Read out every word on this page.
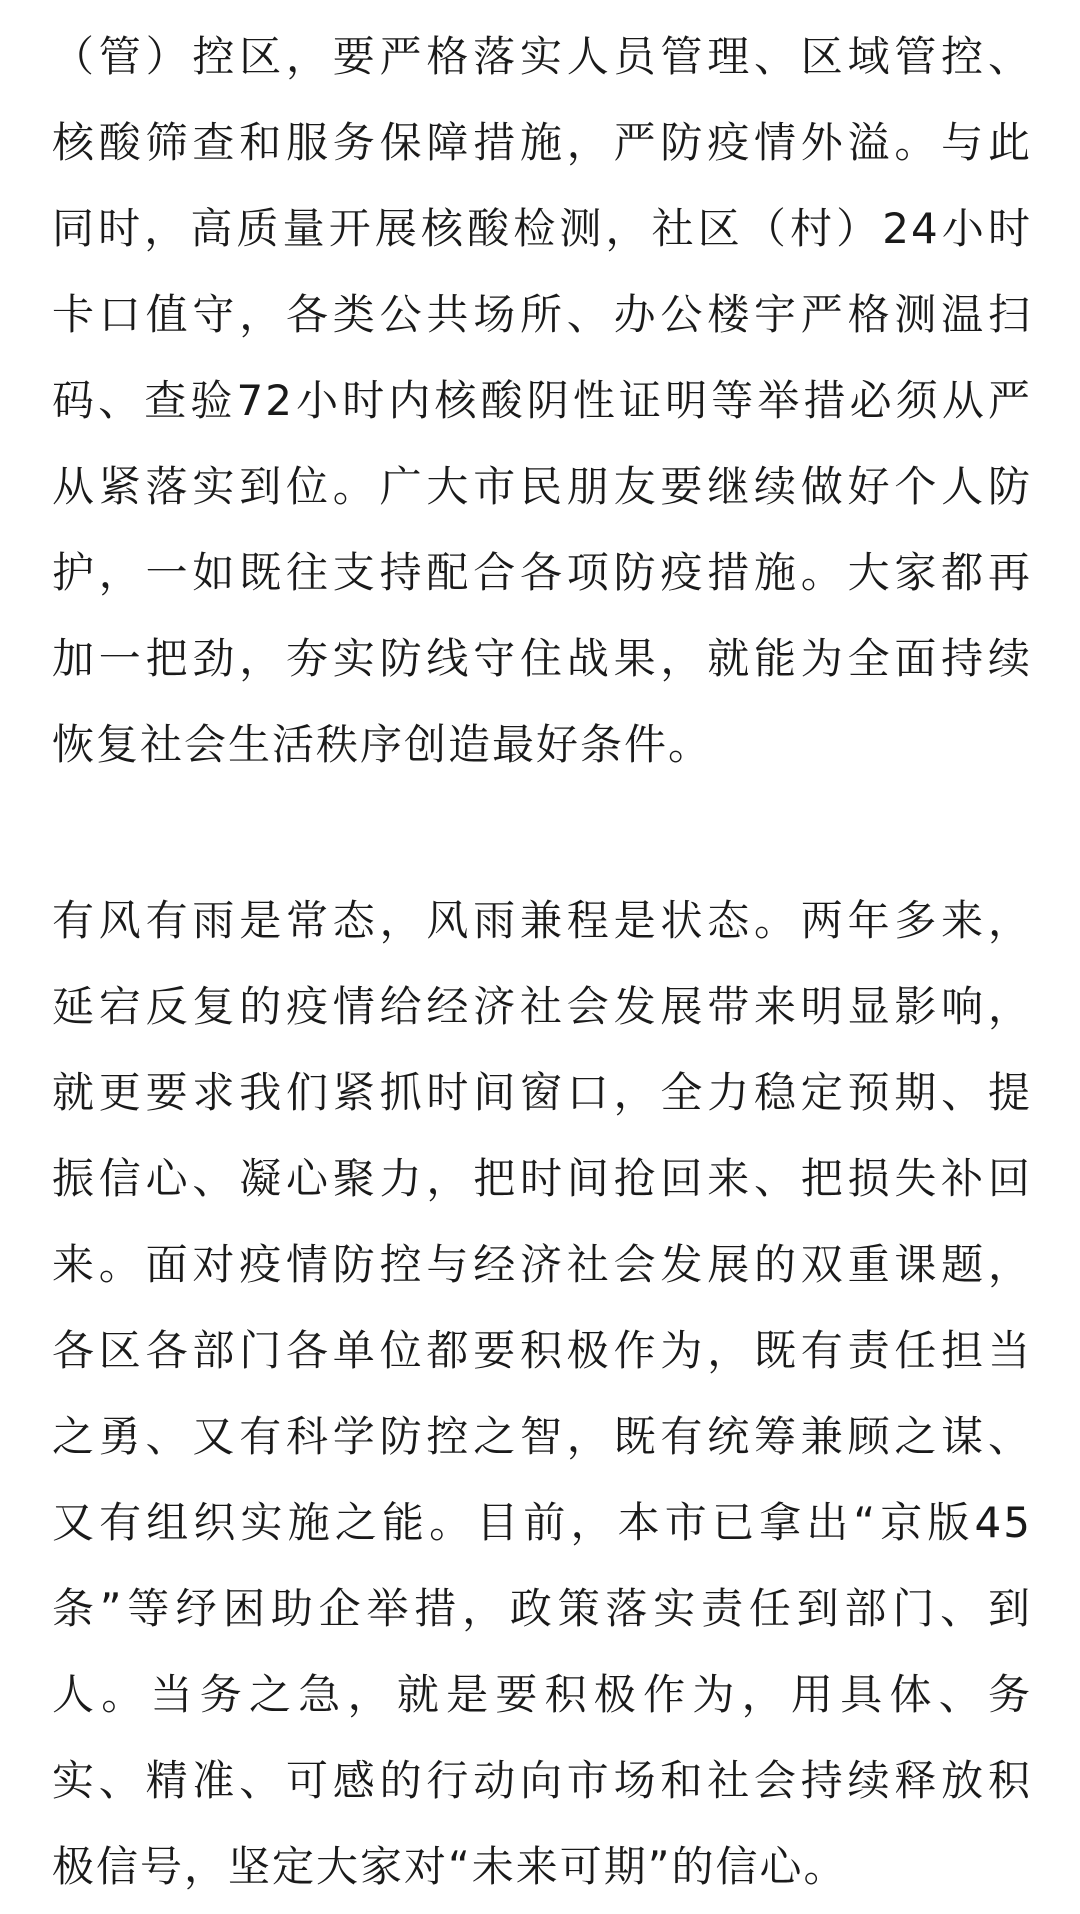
（管）控区，要严格落实人员管理、区域管控、
核酸筛查和服务保障措施，严防疫情外溢。与此
同时，高质量开展核酸检测，社区（村）24小时
卡口值守，各类公共场所、办公楼宇严格测温扫
码、查验72小时内核酸阴性证明等举措必须从严
从紧落实到位。广大市民朋友要继续做好个人防
护，一如既往支持配合各项防疫措施。大家都再
加一把劲，夯实防线守住战果，就能为全面持续
恢复社会生活秩序创造最好条件。
有风有雨是常态，风雨兼程是状态。两年多来，
延宕反复的疫情给经济社会发展带来明显影响，
就更要求我们紧抓时间窗口，全力稳定预期、提
振信心、凝心聚力，把时间抢回来、把损失补回
来。面对疫情防控与经济社会发展的双重课题，
各区各部门各单位都要积极作为，既有责任担当
之勇、又有科学防控之智，既有统筹兼顾之谋、
又有组织实施之能。目前，本市已拿出“京版45
条”等纾困助企举措，政策落实责任到部门、到
人。当务之急，就是要积极作为，用具体、务
实、精准、可感的行动向市场和社会持续释放积
极信号，坚定大家对“未来可期”的信心。
